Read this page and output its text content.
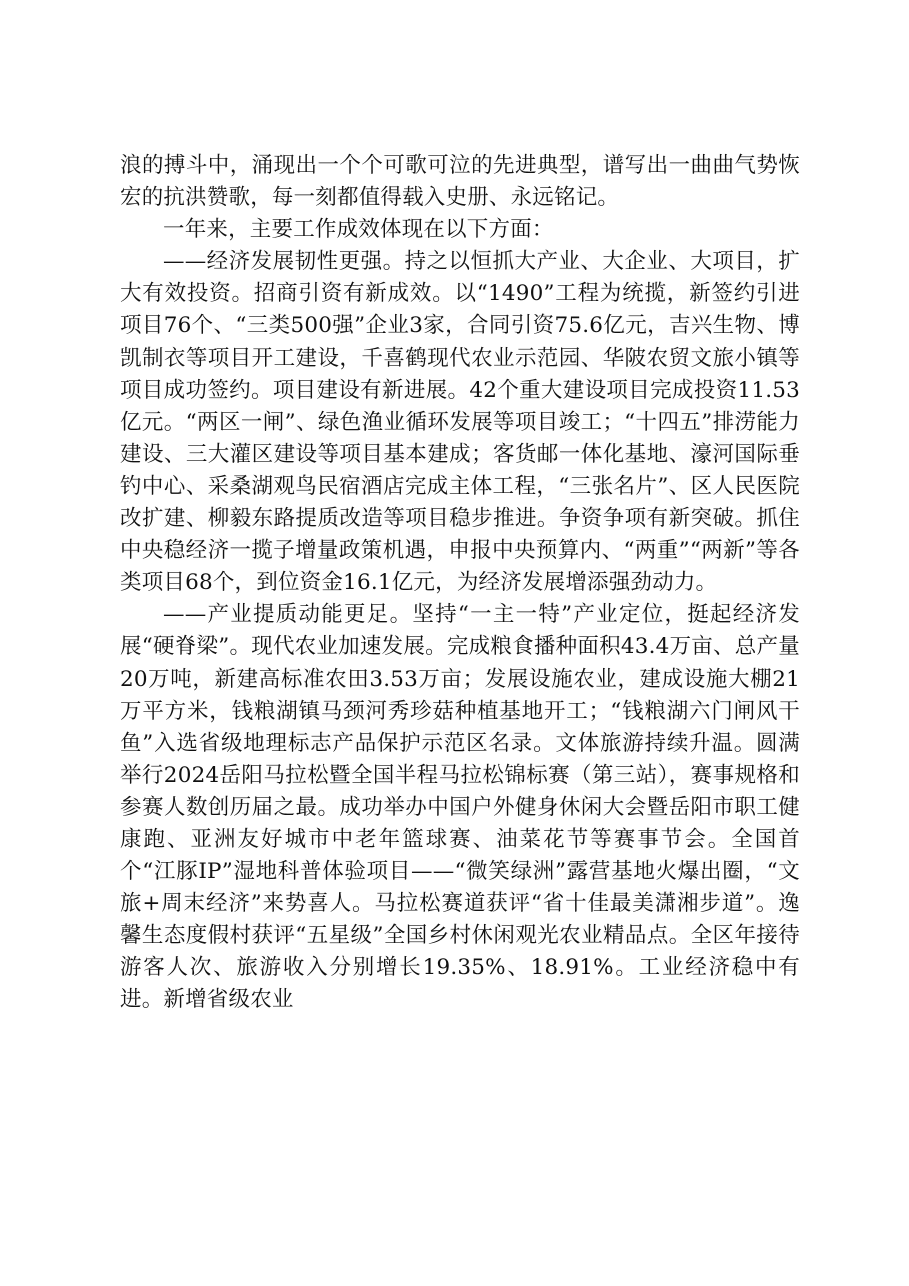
浪的搏斗中，涌现出一个个可歌可泣的先进典型，谱写出一曲曲气势恢宏的抗洪赞歌，每一刻都值得载入史册、永远铭记。

一年来，主要工作成效体现在以下方面：

——经济发展韧性更强。持之以恒抓大产业、大企业、大项目，扩大有效投资。招商引资有新成效。以“1490”工程为统揽，新签约引进项目76个、“三类500强”企业3家，合同引资75.6亿元，吉兴生物、博凯制衣等项目开工建设，千喜鹤现代农业示范园、华陂农贸文旅小镇等项目成功签约。项目建设有新进展。42个重大建设项目完成投资11.53亿元。“两区一闸”、绿色渔业循环发展等项目竣工；“十四五”排涝能力建设、三大灌区建设等项目基本建成；客货邮一体化基地、濠河国际垂钓中心、采桑湖观鸟民宿酒店完成主体工程，“三张名片”、区人民医院改扩建、柳毅东路提质改造等项目稳步推进。争资争项有新突破。抓住中央稳经济一揽子增量政策机遇，申报中央预算内、“两重”“两新”等各类项目68个，到位资金16.1亿元，为经济发展增添强劲动力。

——产业提质动能更足。坚持“一主一特”产业定位，挺起经济发展“硬脊梁”。现代农业加速发展。完成粮食播种面积43.4万亩、总产量20万吨，新建高标准农田3.53万亩；发展设施农业，建成设施大棚21万平方米，钱粮湖镇马颈河秀珍菇种植基地开工；“钱粮湖六门闸风干鱼”入选省级地理标志产品保护示范区名录。文体旅游持续升温。圆满举行2024岳阳马拉松暨全国半程马拉松锦标赛（第三站），赛事规格和参赛人数创历届之最。成功举办中国户外健身休闲大会暨岳阳市职工健康跑、亚洲友好城市中老年篮球赛、油菜花节等赛事节会。全国首个“江豚IP”湿地科普体验项目——“微笑绿洲”露营基地火爆出圈，“文旅+周末经济”来势喜人。马拉松赛道获评“省十佳最美潇湘步道”。逸馨生态度假村获评“五星级”全国乡村休闲观光农业精品点。全区年接待游客人次、旅游收入分别增长19.35%、18.91%。工业经济稳中有进。新增省级农业
